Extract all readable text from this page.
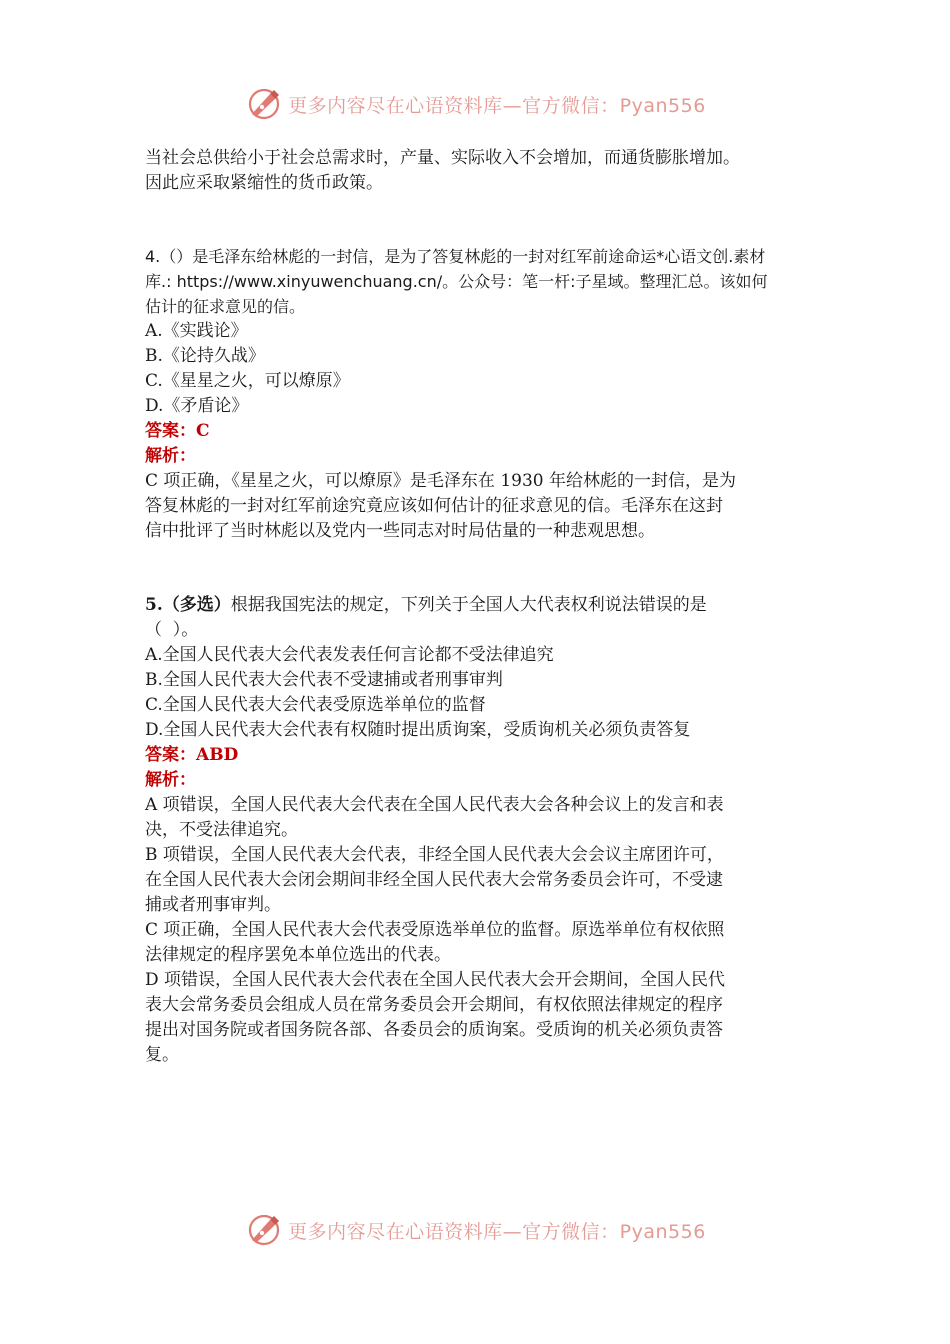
更多内容尽在心语资料库—官方微信：Pyan556

当社会总供给小于社会总需求时，产量、实际收入不会增加，而通货膨胀增加。

因此应采取紧缩性的货币政策。

4.（）是毛泽东给林彪的一封信，是为了答复林彪的一封对红军前途命运*心语文创.素材

库.: https://www.xinyuwenchuang.cn/。公众号：笔一杆:子星域。整理汇总。该如何

估计的征求意见的信。

A.《实践论》

B.《论持久战》

C.《星星之火，可以燎原》

D.《矛盾论》

答案：C

解析：

C 项正确，《星星之火，可以燎原》是毛泽东在 1930 年给林彪的一封信，是为

答复林彪的一封对红军前途究竟应该如何估计的征求意见的信。毛泽东在这封

信中批评了当时林彪以及党内一些同志对时局估量的一种悲观思想。

5.（多选）根据我国宪法的规定，下列关于全国人大代表权利说法错误的是

（  ）。

A.全国人民代表大会代表发表任何言论都不受法律追究

B.全国人民代表大会代表不受逮捕或者刑事审判

C.全国人民代表大会代表受原选举单位的监督

D.全国人民代表大会代表有权随时提出质询案，受质询机关必须负责答复

答案：ABD

解析：

A 项错误，全国人民代表大会代表在全国人民代表大会各种会议上的发言和表

决，不受法律追究。

B 项错误，全国人民代表大会代表，非经全国人民代表大会会议主席团许可，

在全国人民代表大会闭会期间非经全国人民代表大会常务委员会许可，不受逮

捕或者刑事审判。

C 项正确，全国人民代表大会代表受原选举单位的监督。原选举单位有权依照

法律规定的程序罢免本单位选出的代表。

D 项错误，全国人民代表大会代表在全国人民代表大会开会期间，全国人民代

表大会常务委员会组成人员在常务委员会开会期间，有权依照法律规定的程序

提出对国务院或者国务院各部、各委员会的质询案。受质询的机关必须负责答

复。

更多内容尽在心语资料库—官方微信：Pyan556
